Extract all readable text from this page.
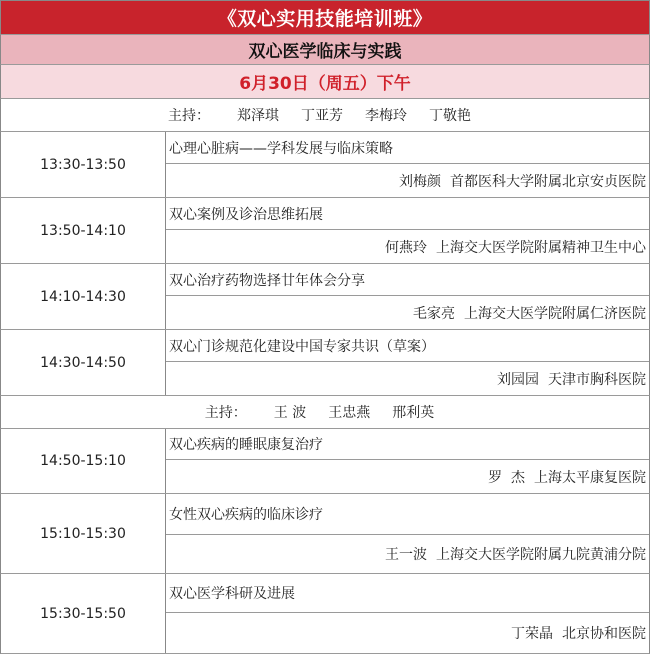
《双心实用技能培训班》
双心医学临床与实践
6月30日（周五）下午
主持： 郑泽琪 丁亚芳 李梅玲 丁敬艳
13:30-13:50
心理心脏病——学科发展与临床策略
刘梅颜 首都医科大学附属北京安贞医院
13:50-14:10
双心案例及诊治思维拓展
何燕玲 上海交大医学院附属精神卫生中心
14:10-14:30
双心治疗药物选择廿年体会分享
毛家亮 上海交大医学院附属仁济医院
14:30-14:50
双心门诊规范化建设中国专家共识（草案）
刘园园 天津市胸科医院
主持： 王 波 王忠燕 邢利英
14:50-15:10
双心疾病的睡眠康复治疗
罗  杰 上海太平康复医院
15:10-15:30
女性双心疾病的临床诊疗
王一波 上海交大医学院附属九院黄浦分院
15:30-15:50
双心医学科研及进展
丁荣晶 北京协和医院
